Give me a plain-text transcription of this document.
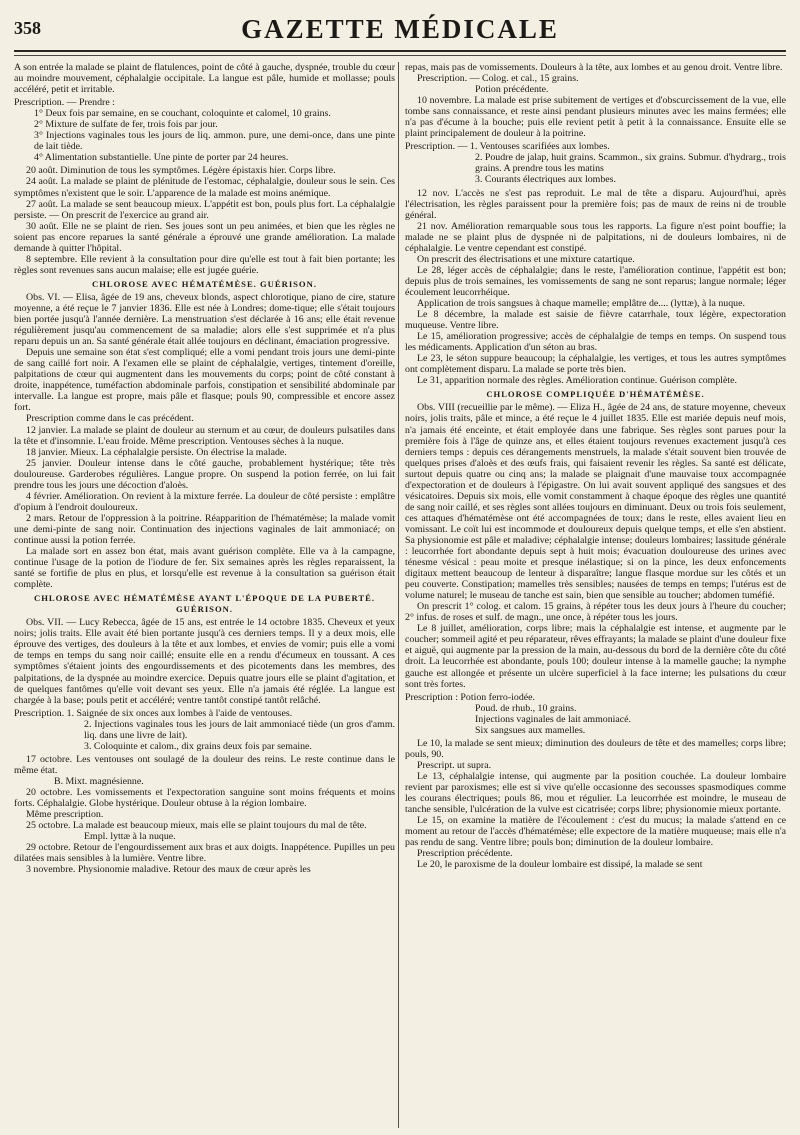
358	GAZETTE MÉDICALE

A son entrée la malade se plaint de flatulences, point de côté à gauche, dyspnée, trouble du cœur au moindre mouvement, céphalalgie occipitale. La langue est pâle, humide et mollasse; pouls accéléré, petit et irritable.

Prescription. — Prendre :

1° Deux fois par semaine, en se couchant, coloquinte et calomel, 10 grains.

2° Mixture de sulfate de fer, trois fois par jour.

3° Injections vaginales tous les jours de liq. ammon. pure, une demi-once, dans une pinte de lait tiède.

4° Alimentation substantielle. Une pinte de porter par 24 heures.

20 août. Diminution de tous les symptômes. Légère épistaxis hier. Corps libre.

24 août. La malade se plaint de plénitude de l'estomac, céphalalgie, douleur sous le sein. Ces symptômes n'existent que le soir. L'apparence de la malade est moins anémique.

27 août. La malade se sent beaucoup mieux. L'appétit est bon, pouls plus fort. La céphalalgie persiste. — On prescrit de l'exercice au grand air.

30 août. Elle ne se plaint de rien. Ses joues sont un peu animées, et bien que les règles ne soient pas encore reparues la santé générale a éprouvé une grande amélioration. La malade demande à quitter l'hôpital.

8 septembre. Elle revient à la consultation pour dire qu'elle est tout à fait bien portante; les règles sont revenues sans aucun malaise; elle est jugée guérie.

CHLOROSE AVEC HÉMATÉMÈSE. GUÉRISON.

Obs. VI. — Elisa, âgée de 19 ans, cheveux blonds, aspect chlorotique, piano de cire, stature moyenne, a été reçue le 7 janvier 1836. Elle est née à Londres; dome-tique; elle s'était toujours bien portée jusqu'à l'année dernière. La menstruation s'est déclarée à 16 ans; elle était revenue régulièrement jusqu'au commencement de sa maladie; alors elle s'est supprimée et n'a plus reparu depuis un an. Sa santé générale était allée toujours en déclinant, émaciation progressive.

Depuis une semaine son état s'est compliqué; elle a vomi pendant trois jours une demi-pinte de sang caillé fort noir. A l'examen elle se plaint de céphalalgie, vertiges, tintement d'oreille, palpitations de cœur qui augmentent dans les mouvements du corps; point de côté constant à droite, inappétence, tuméfaction abdominale parfois, constipation et sensibilité abdominale par intervalle. La langue est propre, mais pâle et flasque; pouls 90, compressible et encore assez fort.

Prescription comme dans le cas précédent.

12 janvier. La malade se plaint de douleur au sternum et au cœur, de douleurs pulsatiles dans la tête et d'insomnie. L'eau froide. Même prescription. Ventouses sèches à la nuque.

18 janvier. Mieux. La céphalalgie persiste. On électrise la malade.

25 janvier. Douleur intense dans le côté gauche, probablement hystérique; tête très douloureuse. Garderobes régulières. Langue propre. On suspend la potion ferrée, on lui fait prendre tous les jours une décoction d'aloès.

4 février. Amélioration. On revient à la mixture ferrée. La douleur de côté persiste : emplâtre d'opium à l'endroit douloureux.

2 mars. Retour de l'oppression à la poitrine. Réapparition de l'hématémèse; la malade vomit une demi-pinte de sang noir. Continuation des injections vaginales de lait ammoniacé; on continue aussi la potion ferrée.

La malade sort en assez bon état, mais avant guérison complète. Elle va à la campagne, continue l'usage de la potion de l'iodure de fer. Six semaines après les règles reparaissent, la santé se fortifie de plus en plus, et lorsqu'elle est revenue à la consultation sa guérison était complète.

CHLOROSE AVEC HÉMATÉMÈSE AYANT L'ÉPOQUE DE LA PUBERTÉ. GUÉRISON.

Obs. VII. — Lucy Rebecca, âgée de 15 ans, est entrée le 14 octobre 1835. Cheveux et yeux noirs; jolis traits. Elle avait été bien portante jusqu'à ces derniers temps. Il y a deux mois, elle éprouve des vertiges, des douleurs à la tête et aux lombes, et envies de vomir; puis elle a vomi de temps en temps du sang noir caillé; ensuite elle en a rendu d'écumeux en toussant. A ces symptômes s'étaient joints des engourdissements et des picotements dans les membres, des palpitations, de la dyspnée au moindre exercice. Depuis quatre jours elle se plaint d'agitation, et de quelques fantômes qu'elle voit devant ses yeux. Elle n'a jamais été réglée. La langue est chargée à la base; pouls petit et accéléré; ventre tantôt constipé tantôt relâché.

Prescription. 1. Saignée de six onces aux lombes à l'aide de ventouses.

2. Injections vaginales tous les jours de lait ammoniacé tiède (un gros d'amm. liq. dans une livre de lait).

3. Coloquinte et calom., dix grains deux fois par semaine.

17 octobre. Les ventouses ont soulagé de la douleur des reins. Le reste continue dans le même état.

B. Mixt. magnésienne.

20 octobre. Les vomissements et l'expectoration sanguine sont moins fréquents et moins forts. Céphalalgie. Globe hystérique. Douleur obtuse à la région lombaire.

Même prescription.

25 octobre. La malade est beaucoup mieux, mais elle se plaint toujours du mal de tête.

Empl. lyttæ à la nuque.

29 octobre. Retour de l'engourdissement aux bras et aux doigts. Inappétence. Pupilles un peu dilatées mais sensibles à la lumière. Ventre libre.

3 novembre. Physionomie maladive. Retour des maux de cœur après les

repas, mais pas de vomissements. Douleurs à la tête, aux lombes et au genou droit. Ventre libre.

Prescription. — Colog. et cal., 15 grains.

Potion précédente.

10 novembre. La malade est prise subitement de vertiges et d'obscurcissement de la vue, elle tombe sans connaissance, et reste ainsi pendant plusieurs minutes avec les mains fermées; elle n'a pas d'écume à la bouche; puis elle revient petit à petit à la connaissance. Ensuite elle se plaint principalement de douleur à la poitrine.

Prescription. — 1. Ventouses scarifiées aux lombes.

2. Poudre de jalap, huit grains. Scammon., six grains. Submur. d'hydrarg., trois grains. A prendre tous les matins

3. Courants électriques aux lombes.

12 nov. L'accès ne s'est pas reproduit. Le mal de tête a disparu. Aujourd'hui, après l'électrisation, les règles paraissent pour la première fois; pas de maux de reins ni de trouble général.

21 nov. Amélioration remarquable sous tous les rapports. La figure n'est point bouffie; la malade ne se plaint plus de dyspnée ni de palpitations, ni de douleurs lombaires, ni de céphalalgie. Le ventre cependant est constipé.

On prescrit des électrisations et une mixture catartique.

Le 28, léger accès de céphalalgie; dans le reste, l'amélioration continue, l'appétit est bon; depuis plus de trois semaines, les vomissements de sang ne sont reparus; langue normale; léger écoulement leucorrhéique.

Application de trois sangsues à chaque mamelle; emplâtre de.... (lyttæ), à la nuque.

Le 8 décembre, la malade est saisie de fièvre catarrhale, toux légère, expectoration muqueuse. Ventre libre.

Le 15, amélioration progressive; accès de céphalalgie de temps en temps. On suspend tous les médicaments. Application d'un séton au bras.

Le 23, le séton suppure beaucoup; la céphalalgie, les vertiges, et tous les autres symptômes ont complètement disparu. La malade se porte très bien.

Le 31, apparition normale des règles. Amélioration continue. Guérison complète.

CHLOROSE COMPLIQUÉE D'HÉMATÉMÈSE.

Obs. VIII (recueillie par le même). — Eliza H., âgée de 24 ans, de stature moyenne, cheveux noirs, jolis traits, pâle et mince, a été reçue le 4 juillet 1835. Elle est mariée depuis neuf mois, n'a jamais été enceinte, et était employée dans une fabrique. Ses règles sont parues pour la première fois à l'âge de quinze ans, et elles étaient toujours revenues exactement jusqu'à ces derniers temps : depuis ces dérangements menstruels, la malade s'était souvent bien trouvée de quelques prises d'aloès et des œufs frais, qui faisaient revenir les règles. Sa santé est délicate, surtout depuis quatre ou cinq ans; la malade se plaignait d'une mauvaise toux accompagnée d'expectoration et de douleurs à l'épigastre. On lui avait souvent appliqué des sangsues et des vésicatoires. Depuis six mois, elle vomit constamment à chaque époque des règles une quantité de sang noir caillé, et ses règles sont allées toujours en diminuant. Deux ou trois fois seulement, ces attaques d'hématémèse ont été accompagnées de toux; dans le reste, elles avaient lieu en vomissant. Le coït lui est incommode et douloureux depuis quelque temps, et elle s'en abstient. Sa physionomie est pâle et maladive; céphalalgie intense; douleurs lombaires; lassitude générale : leucorrhée fort abondante depuis sept à huit mois; évacuation douloureuse des urines avec ténesme vésical : peau moite et presque inélastique; si on la pince, les deux enfoncements digitaux mettent beaucoup de lenteur à disparaître; langue flasque mordue sur les côtés et un peu couverte. Constipation; mamelles très sensibles; nausées de temps en temps; l'utérus est de volume naturel; le museau de tanche est sain, bien que sensible au toucher; abdomen tuméfié.

On prescrit 1° colog. et calom. 15 grains, à répéter tous les deux jours à l'heure du coucher; 2° infus. de roses et sulf. de magn., une once, à répéter tous les jours.

Le 8 juillet, amélioration, corps libre; mais la céphalalgie est intense, et augmente par le coucher; sommeil agité et peu réparateur, rêves effrayants; la malade se plaint d'une douleur fixe et aiguë, qui augmente par la pression de la main, au-dessous du bord de la dernière côte du côté droit. La leucorrhée est abondante, pouls 100; douleur intense à la mamelle gauche; la nymphe gauche est allongée et présente un ulcère superficiel à la face interne; les pulsations du cœur sont très fortes.

Prescription : Potion ferro-iodée.

Poud. de rhub., 10 grains.

Injections vaginales de lait ammoniacé.

Six sangsues aux mamelles.

Le 10, la malade se sent mieux; diminution des douleurs de tête et des mamelles; corps libre; pouls, 90.

Prescript. ut supra.

Le 13, céphalalgie intense, qui augmente par la position couchée. La douleur lombaire revient par paroxismes; elle est si vive qu'elle occasionne des secousses spasmodiques comme les courans électriques; pouls 86, mou et régulier. La leucorrhée est moindre, le museau de tanche sensible, l'ulcération de la vulve est cicatrisée; corps libre; physionomie mieux portante.

Le 15, on examine la matière de l'écoulement : c'est du mucus; la malade s'attend en ce moment au retour de l'accès d'hématémèse; elle expectore de la matière muqueuse; mais elle n'a pas rendu de sang. Ventre libre; pouls bon; diminution de la douleur lombaire.

Prescription précédente.

Le 20, le paroxisme de la douleur lombaire est dissipé, la malade se sent
